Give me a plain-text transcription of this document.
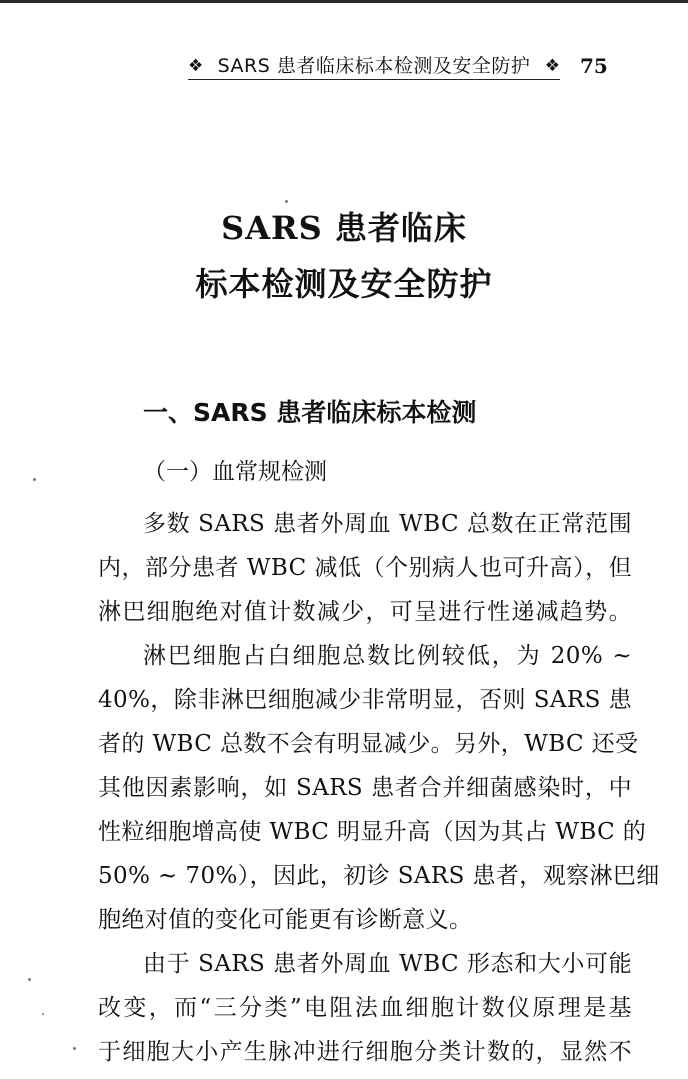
❖ SARS 患者临床标本检测及安全防护 ❖ 75
SARS 患者临床
标本检测及安全防护
一、SARS 患者临床标本检测
（一）血常规检测
多数 SARS 患者外周血 WBC 总数在正常范围
内，部分患者 WBC 减低（个别病人也可升高），但
淋巴细胞绝对值计数减少，可呈进行性递减趋势。
淋巴细胞占白细胞总数比例较低，为 20% ~
40%，除非淋巴细胞减少非常明显，否则 SARS 患
者的 WBC 总数不会有明显减少。另外，WBC 还受
其他因素影响，如 SARS 患者合并细菌感染时，中
性粒细胞增高使 WBC 明显升高（因为其占 WBC 的
50% ~ 70%），因此，初诊 SARS 患者，观察淋巴细
胞绝对值的变化可能更有诊断意义。
由于 SARS 患者外周血 WBC 形态和大小可能
改变，而“三分类”电阻法血细胞计数仪原理是基
于细胞大小产生脉冲进行细胞分类计数的，显然不
